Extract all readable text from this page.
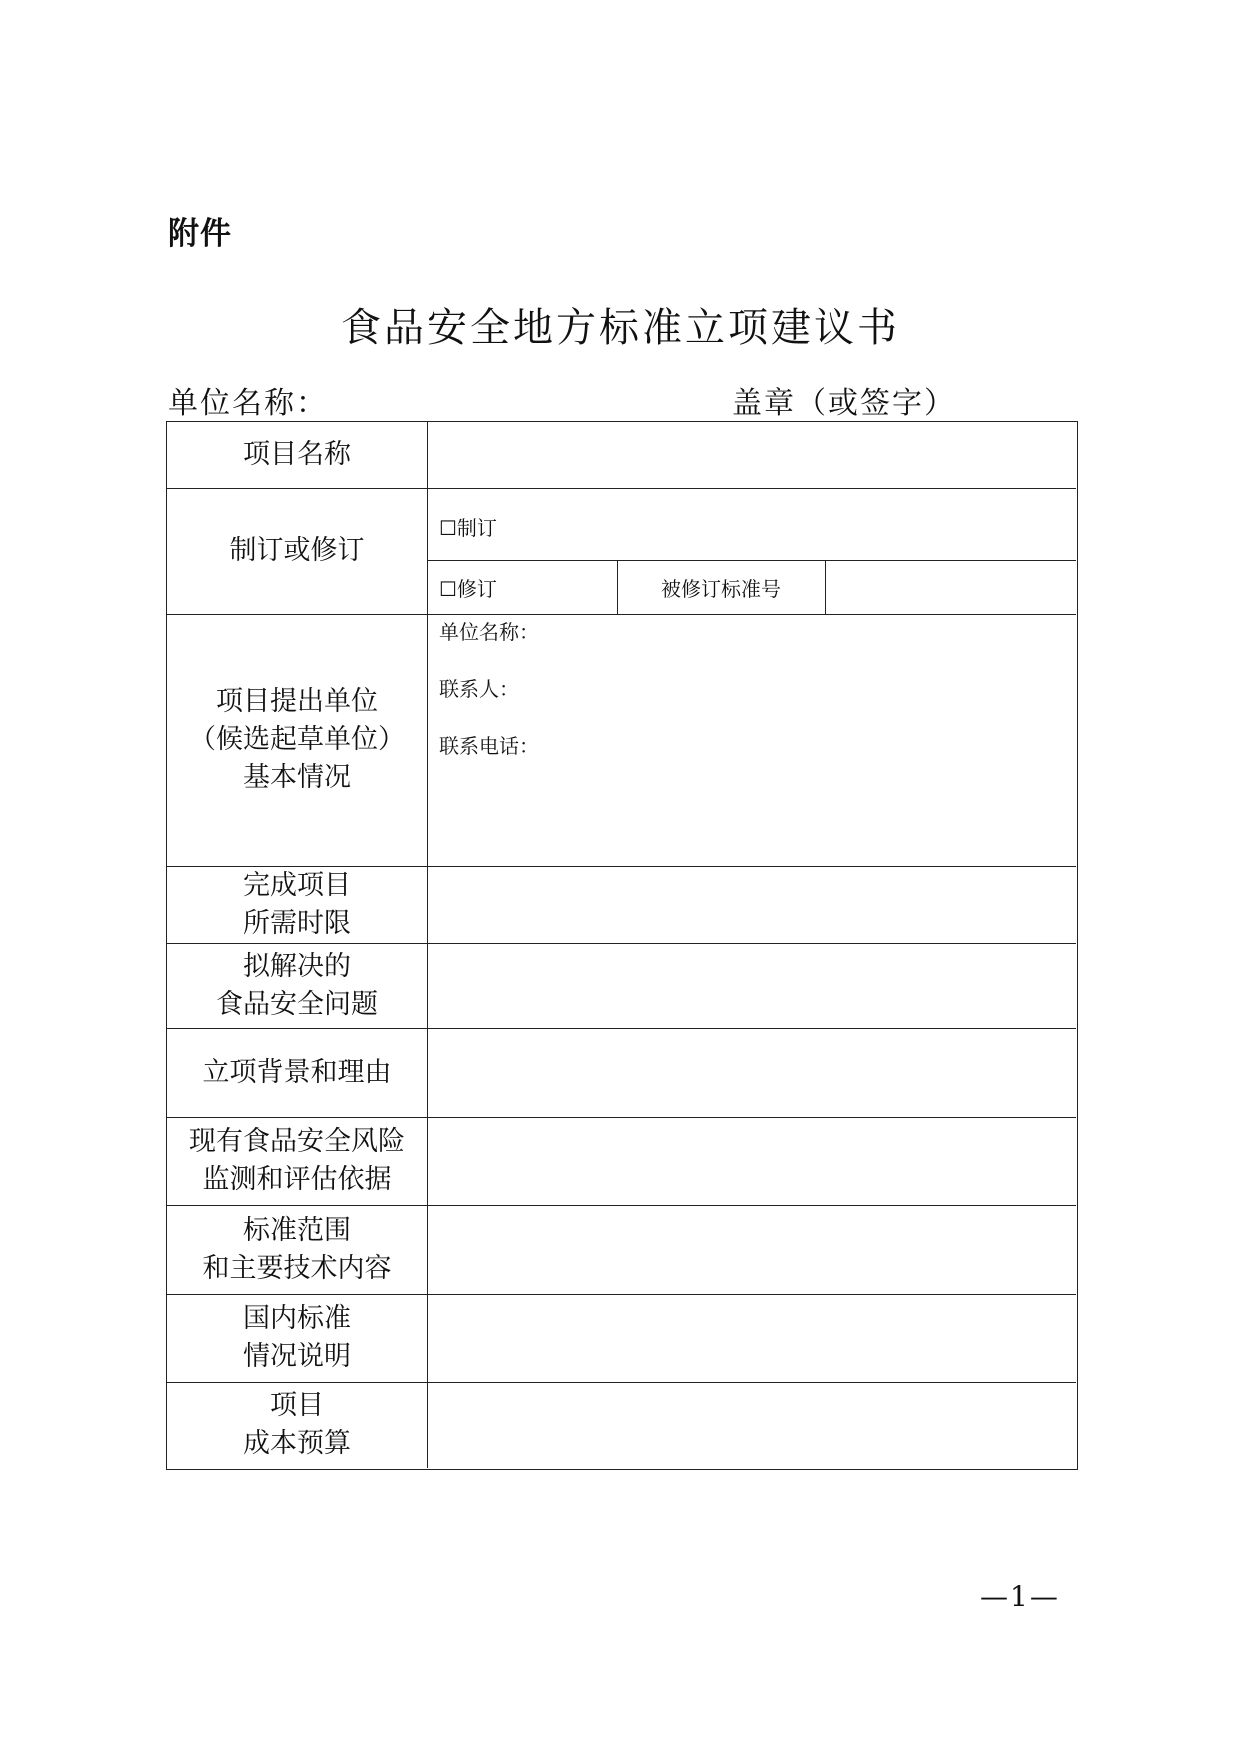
附件
食品安全地方标准立项建议书
单位名称：	盖章（或签字）
项目名称
制订或修订
项目提出单位
（候选起草单位）
基本情况
完成项目
所需时限
拟解决的
食品安全问题
立项背景和理由
现有食品安全风险
监测和评估依据
标准范围
和主要技术内容
国内标准
情况说明
项目
成本预算
☐制订
☐修订	被修订标准号
单位名称：
联系人：
联系电话：
—1—
